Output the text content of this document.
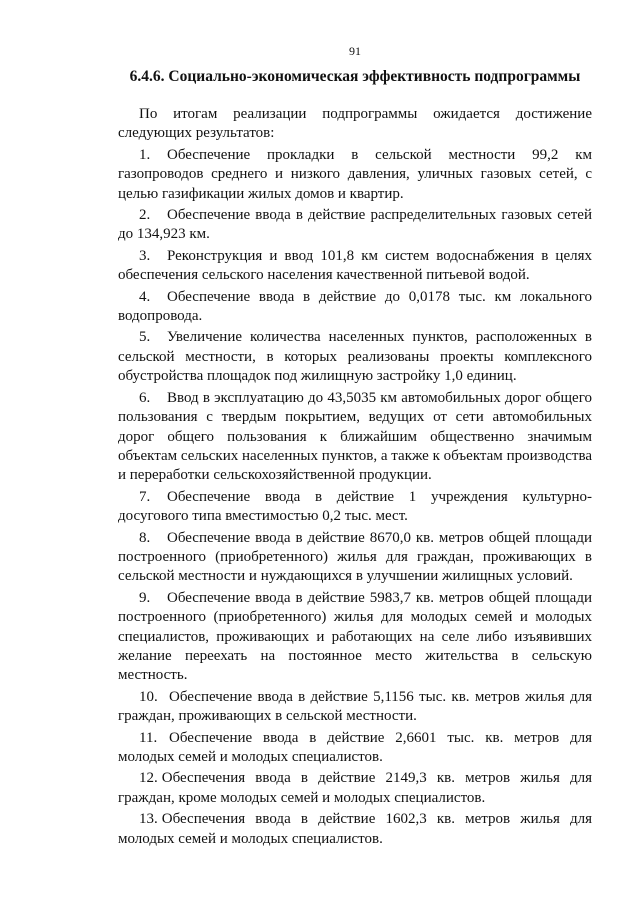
91
6.4.6. Социально-экономическая эффективность подпрограммы

По итогам реализации подпрограммы ожидается достижение следующих результатов:

1. Обеспечение прокладки в сельской местности 99,2 км газопроводов среднего и низкого давления, уличных газовых сетей, с целью газификации жилых домов и квартир.

2. Обеспечение ввода в действие распределительных газовых сетей до 134,923 км.

3. Реконструкция и ввод 101,8 км систем водоснабжения в целях обеспечения сельского населения качественной питьевой водой.

4. Обеспечение ввода в действие до 0,0178 тыс. км локального водопровода.

5. Увеличение количества населенных пунктов, расположенных в сельской местности, в которых реализованы проекты комплексного обустройства площадок под жилищную застройку 1,0 единиц.

6. Ввод в эксплуатацию до 43,5035 км автомобильных дорог общего пользования с твердым покрытием, ведущих от сети автомобильных дорог общего пользования к ближайшим общественно значимым объектам сельских населенных пунктов, а также к объектам производства и переработки сельскохозяйственной продукции.

7. Обеспечение ввода в действие 1 учреждения культурно-досугового типа вместимостью 0,2 тыс. мест.

8. Обеспечение ввода в действие 8670,0 кв. метров общей площади построенного (приобретенного) жилья для граждан, проживающих в сельской местности и нуждающихся в улучшении жилищных условий.

9. Обеспечение ввода в действие 5983,7 кв. метров общей площади построенного (приобретенного) жилья для молодых семей и молодых специалистов, проживающих и работающих на селе либо изъявивших желание переехать на постоянное место жительства в сельскую местность.

10. Обеспечение ввода в действие 5,1156 тыс. кв. метров жилья для граждан, проживающих в сельской местности.

11. Обеспечение ввода в действие 2,6601 тыс. кв. метров для молодых семей и молодых специалистов.

12. Обеспечения ввода в действие 2149,3 кв. метров жилья для граждан, кроме молодых семей и молодых специалистов.

13. Обеспечения ввода в действие 1602,3 кв. метров жилья для молодых семей и молодых специалистов.
